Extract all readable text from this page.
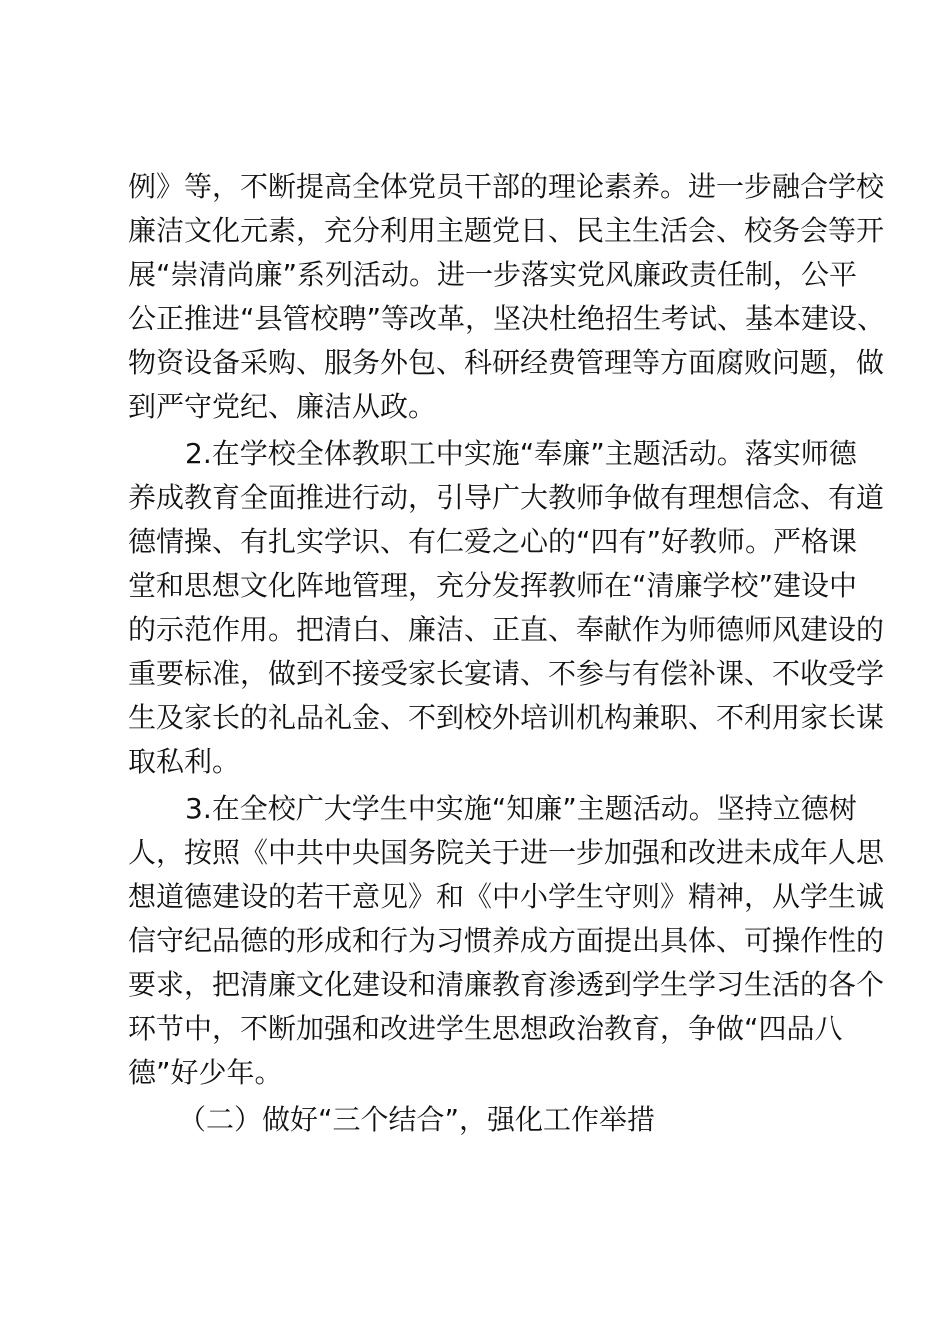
例》等，不断提高全体党员干部的理论素养。进一步融合学校
廉洁文化元素，充分利用主题党日、民主生活会、校务会等开
展“崇清尚廉”系列活动。进一步落实党风廉政责任制，公平
公正推进“县管校聘”等改革，坚决杜绝招生考试、基本建设、
物资设备采购、服务外包、科研经费管理等方面腐败问题，做
到严守党纪、廉洁从政。
2.在学校全体教职工中实施“奉廉”主题活动。落实师德
养成教育全面推进行动，引导广大教师争做有理想信念、有道
德情操、有扎实学识、有仁爱之心的“四有”好教师。严格课
堂和思想文化阵地管理，充分发挥教师在“清廉学校”建设中
的示范作用。把清白、廉洁、正直、奉献作为师德师风建设的
重要标准，做到不接受家长宴请、不参与有偿补课、不收受学
生及家长的礼品礼金、不到校外培训机构兼职、不利用家长谋
取私利。
3.在全校广大学生中实施“知廉”主题活动。坚持立德树
人，按照《中共中央国务院关于进一步加强和改进未成年人思
想道德建设的若干意见》和《中小学生守则》精神，从学生诚
信守纪品德的形成和行为习惯养成方面提出具体、可操作性的
要求，把清廉文化建设和清廉教育渗透到学生学习生活的各个
环节中，不断加强和改进学生思想政治教育，争做“四品八
德”好少年。
（二）做好“三个结合”，强化工作举措
